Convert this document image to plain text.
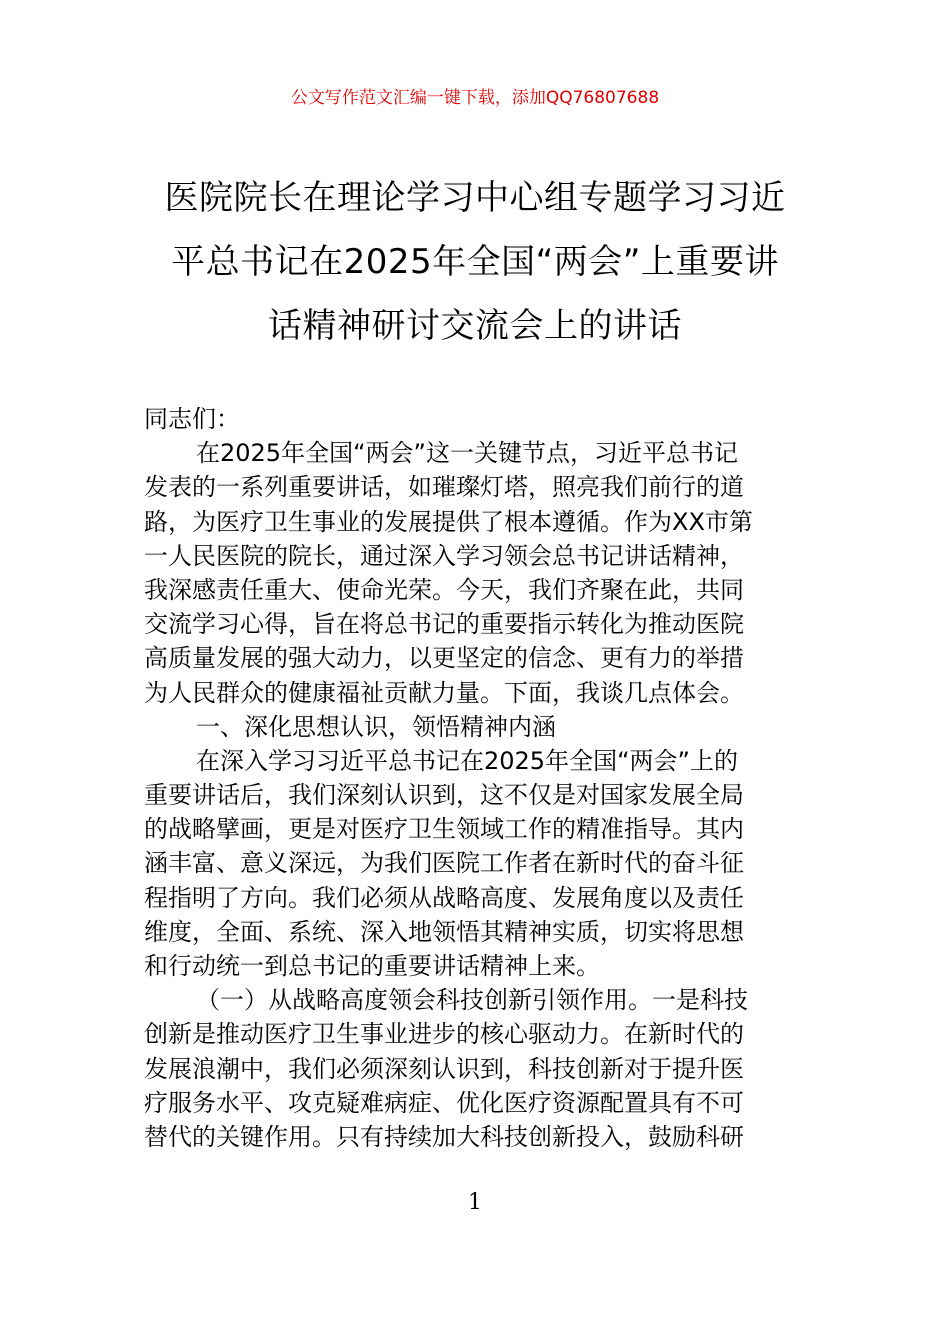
公文写作范文汇编一键下载，添加QQ76807688
医院院长在理论学习中心组专题学习习近
平总书记在2025年全国“两会”上重要讲
话精神研讨交流会上的讲话
同志们：
在2025年全国“两会”这一关键节点，习近平总书记
发表的一系列重要讲话，如璀璨灯塔，照亮我们前行的道
路，为医疗卫生事业的发展提供了根本遵循。作为XX市第
一人民医院的院长，通过深入学习领会总书记讲话精神，
我深感责任重大、使命光荣。今天，我们齐聚在此，共同
交流学习心得，旨在将总书记的重要指示转化为推动医院
高质量发展的强大动力，以更坚定的信念、更有力的举措
为人民群众的健康福祉贡献力量。下面，我谈几点体会。
一、深化思想认识，领悟精神内涵
在深入学习习近平总书记在2025年全国“两会”上的
重要讲话后，我们深刻认识到，这不仅是对国家发展全局
的战略擘画，更是对医疗卫生领域工作的精准指导。其内
涵丰富、意义深远，为我们医院工作者在新时代的奋斗征
程指明了方向。我们必须从战略高度、发展角度以及责任
维度，全面、系统、深入地领悟其精神实质，切实将思想
和行动统一到总书记的重要讲话精神上来。
（一）从战略高度领会科技创新引领作用。一是科技
创新是推动医疗卫生事业进步的核心驱动力。在新时代的
发展浪潮中，我们必须深刻认识到，科技创新对于提升医
疗服务水平、攻克疑难病症、优化医疗资源配置具有不可
替代的关键作用。只有持续加大科技创新投入，鼓励科研
1
